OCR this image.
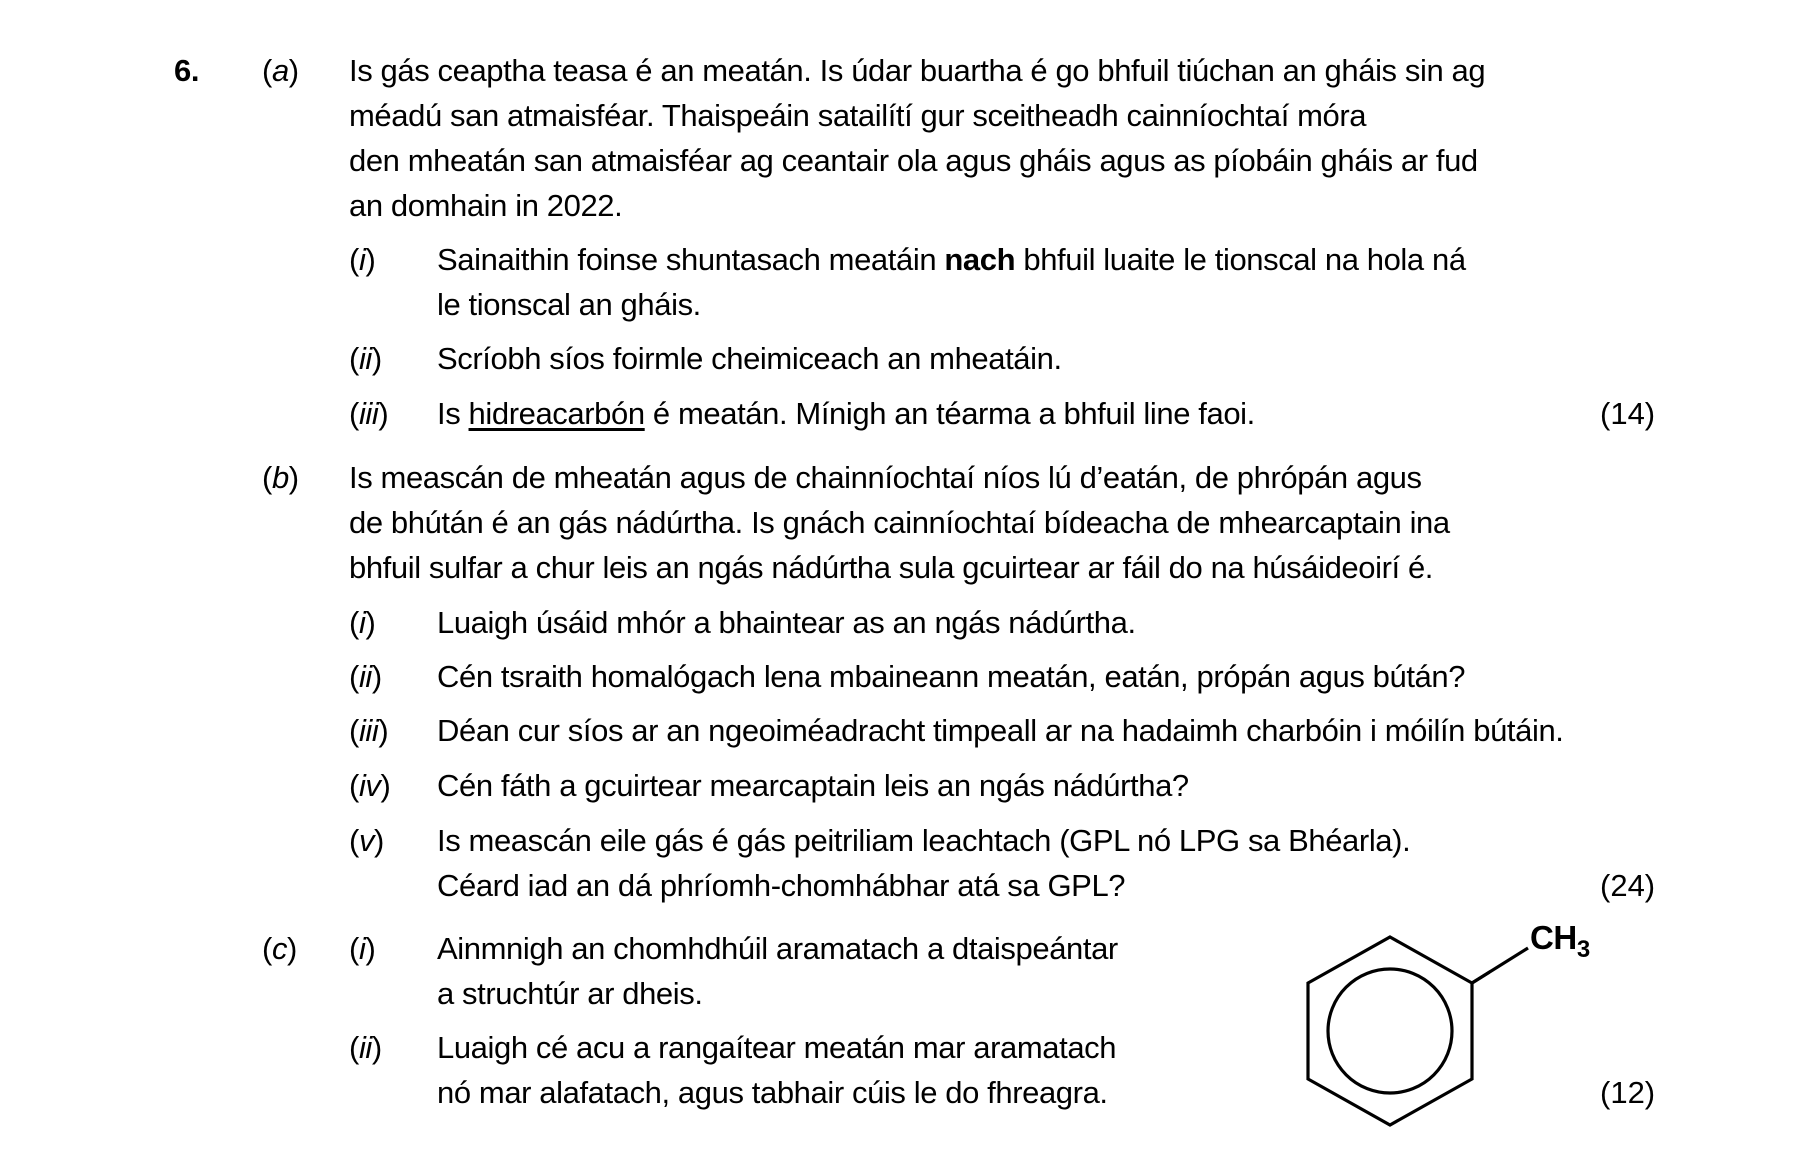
6. (a) Is gás ceaptha teasa é an meatán. Is údar buartha é go bhfuil tiúchan an gháis sin ag
méadú san atmaisféar. Thaispeáin satailítí gur sceitheadh cainníochtaí móra
den mheatán san atmaisféar ag ceantair ola agus gháis agus as píobáin gháis ar fud
an domhain in 2022.
(i) Sainaithin foinse shuntasach meatáin nach bhfuil luaite le tionscal na hola ná
le tionscal an gháis.
(ii) Scríobh síos foirmle cheimiceach an mheatáin.
(iii) Is hidreacarbón é meatán. Mínigh an téarma a bhfuil line faoi.	(14)
(b) Is meascán de mheatán agus de chainníochtaí níos lú d’eatán, de phrópán agus
de bhútán é an gás nádúrtha. Is gnách cainníochtaí bídeacha de mhearcaptain ina
bhfuil sulfar a chur leis an ngás nádúrtha sula gcuirtear ar fáil do na húsáideoirí é.
(i) Luaigh úsáid mhór a bhaintear as an ngás nádúrtha.
(ii) Cén tsraith homalógach lena mbaineann meatán, eatán, própán agus bútán?
(iii) Déan cur síos ar an ngeoiméadracht timpeall ar na hadaimh charbóin i móilín bútáin.
(iv) Cén fáth a gcuirtear mearcaptain leis an ngás nádúrtha?
(v) Is meascán eile gás é gás peitriliam leachtach (GPL nó LPG sa Bhéarla).
Céard iad an dá phríomh-chomhábhar atá sa GPL?	(24)
(c) (i) Ainmnigh an chomhdhúil aramatach a dtaispeántar
a struchtúr ar dheis.
(ii) Luaigh cé acu a rangaítear meatán mar aramatach
nó mar alafatach, agus tabhair cúis le do fhreagra.
$CH_3$
(12)
